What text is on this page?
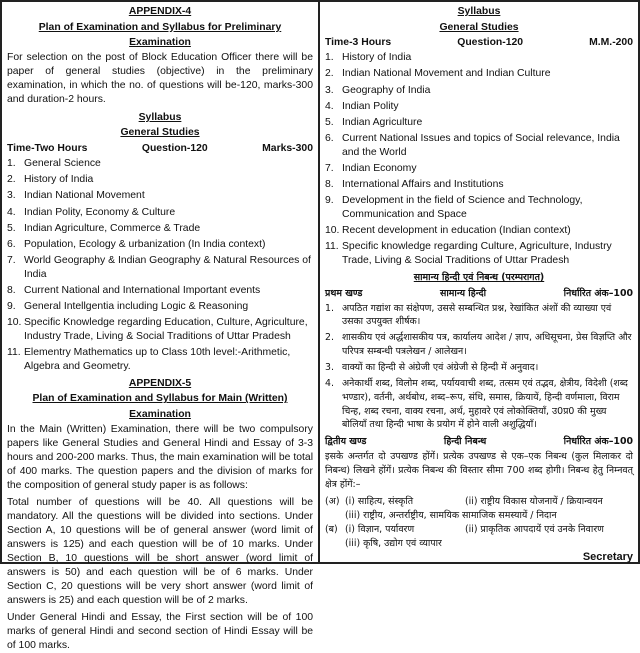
APPENDIX-4
Plan of Examination and Syllabus for Preliminary Examination
For selection on the post of Block Education Officer there will be paper of general studies (objective) in the preliminary examination, in which the no. of questions will be-120, marks-300 and duration-2 hours.
Syllabus
General Studies
Time-Two Hours	Question-120	Marks-300
1. General Science
2. History of India
3. Indian National Movement
4. Indian Polity, Economy & Culture
5. Indian Agriculture, Commerce & Trade
6. Population, Ecology & urbanization (In India context)
7. World Geography & Indian Geography & Natural Resources of India
8. Current National and International Important events
9. General Intellgentia including Logic & Reasoning
10. Specific Knowledge regarding Education, Culture, Agriculture, Industry Trade, Living & Social Traditions of Uttar Pradesh
11. Elementry Mathematics up to Class 10th level:-Arithmetic, Algebra and Geometry.
APPENDIX-5
Plan of Examination and Syllabus for Main (Written) Examination
In the Main (Written) Examination, there will be two compulsory papers like General Studies and General Hindi and Essay of 3-3 hours and 200-200 marks. Thus, the main examination will be total of 400 marks. The question papers and the division of marks for the composition of general study paper is as follows:
Total number of questions will be 40. All questions will be mandatory. All the questions will be divided into sections. Under Section A, 10 questions will be of general answer (word limit of answers is 125) and each question will be of 10 marks. Under Section B, 10 questions will be short answer (word limit of answers is 50) and each question will be of 6 marks. Under Section C, 20 questions will be very short answer (word limit of answers is 25) and each question will be of 2 marks.
Under General Hindi and Essay, the First section will be of 100 marks of general Hindi and second section of Hindi Essay will be of 100 marks.
Syllabus
General Studies
Time-3 Hours	Question-120	M.M.-200
1. History of India
2. Indian National Movement and Indian Culture
3. Geography of India
4. Indian Polity
5. Indian Agriculture
6. Current National Issues and topics of Social relevance, India and the World
7. Indian Economy
8. International Affairs and Institutions
9. Development in the field of Science and Technology, Communication and Space
10. Recent development in education (Indian context)
11. Specific knowledge regarding Culture, Agriculture, Industry Trade, Living & Social Traditions of Uttar Pradesh
सामान्य हिन्दी एवं निबन्ध (परम्परागत)
प्रथम खण्ड	सामान्य हिन्दी	निर्धारित अंक–100
1. अपठित गद्यांश का संक्षेपण, उससे सम्बन्धित प्रश्न, रेखांकित अंशों की व्याख्या एवं उसका उपयुक्त शीर्षक।
2. शासकीय एवं अर्द्धशासकीय पत्र, कार्यालय आदेश / ज्ञाप, अधिसूचना, प्रेस विज्ञप्ति और परिपत्र सम्बन्धी पत्रलेखन / आलेखन।
3. वाक्यों का हिन्दी से अंग्रेजी एवं अंग्रेजी से हिन्दी में अनुवाद।
4. अनेकार्थी शब्द, विलोम शब्द, पर्यायवाची शब्द, तत्सम एवं तद्भव, क्षेत्रीय, विदेशी (शब्द भण्डार), वर्तनी, अर्थबोध, शब्द–रूप, संधि, समास, क्रियायें, हिन्दी वर्णमाला, विराम चिन्ह, शब्द रचना, वाक्य रचना, अर्थ, मुहावरे एवं लोकोक्तियाँ, उ0प्र0 की मुख्य बोलियाँ तथा हिन्दी भाषा के प्रयोग में होने वाली अशुद्धियाँ।
द्वितीय खण्ड	हिन्दी निबन्ध	निर्धारित अंक–100
इसके अन्तर्गत दो उपखण्ड होंगें। प्रत्येक उपखण्ड से एक–एक निबन्ध (कुल मिलाकर दो निबन्ध) लिखने होंगें। प्रत्येक निबन्ध की विस्तार सीमा 700 शब्द होगी। निबन्ध हेतु निम्नवत् क्षेत्र होंगें:–
(अ) (i) साहित्य, संस्कृति	(ii) राष्ट्रीय विकास योजनायें / क्रियान्वयन
(iii) राष्ट्रीय, अन्तर्राष्ट्रीय, सामयिक सामाजिक समस्यायें / निदान
(ब) (i) विज्ञान, पर्यावरण	(ii) प्राकृतिक आपदायें एवं उनके निवारण
(iii) कृषि, उद्योग एवं व्यापार
Secretary
